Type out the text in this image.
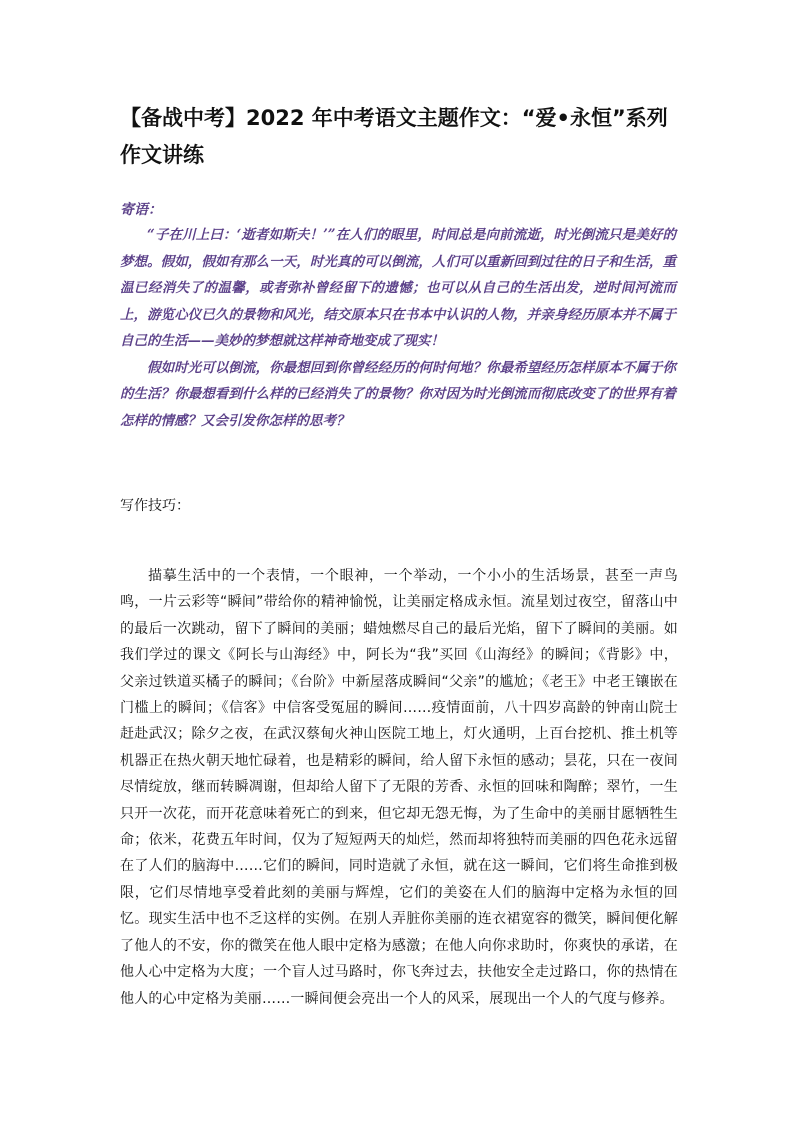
【备战中考】2022 年中考语文主题作文：“爱•永恒”系列作文讲练
寄语：

“子在川上曰：‘逝者如斯夫！’”在人们的眼里，时间总是向前流逝，时光倒流只是美好的梦想。假如，假如有那么一天，时光真的可以倒流，人们可以重新回到过往的日子和生活，重温已经消失了的温馨，或者弥补曾经留下的遗憾；也可以从自己的生活出发，逆时间河流而上，游览心仪已久的景物和风光，结交原本只在书本中认识的人物，并亲身经历原本并不属于自己的生活——美妙的梦想就这样神奇地变成了现实！

假如时光可以倒流，你最想回到你曾经经历的何时何地？你最希望经历怎样原本不属于你的生活？你最想看到什么样的已经消失了的景物？你对因为时光倒流而彻底改变了的世界有着怎样的情感？又会引发你怎样的思考？

写作技巧：

描摹生活中的一个表情，一个眼神，一个举动，一个小小的生活场景，甚至一声鸟鸣，一片云彩等“瞬间”带给你的精神愉悦，让美丽定格成永恒。流星划过夜空，留落山中的最后一次跳动，留下了瞬间的美丽；蜡烛燃尽自己的最后光焰，留下了瞬间的美丽。如我们学过的课文《阿长与山海经》中，阿长为“我”买回《山海经》的瞬间；《背影》中，父亲过铁道买橘子的瞬间；《台阶》中新屋落成瞬间“父亲”的尴尬；《老王》中老王镶嵌在门槛上的瞬间；《信客》中信客受冤屈的瞬间……疫情面前，八十四岁高龄的钟南山院士赶赴武汉；除夕之夜，在武汉蔡甸火神山医院工地上，灯火通明，上百台挖机、推土机等机器正在热火朝天地忙碌着，也是精彩的瞬间，给人留下永恒的感动；昙花，只在一夜间尽情绽放，继而转瞬凋谢，但却给人留下了无限的芳香、永恒的回味和陶醉；翠竹，一生只开一次花，而开花意味着死亡的到来，但它却无怨无悔，为了生命中的美丽甘愿牺牲生命；依米，花费五年时间，仅为了短短两天的灿烂，然而却将独特而美丽的四色花永远留在了人们的脑海中……它们的瞬间，同时造就了永恒，就在这一瞬间，它们将生命推到极限，它们尽情地享受着此刻的美丽与辉煌，它们的美姿在人们的脑海中定格为永恒的回忆。现实生活中也不乏这样的实例。在别人弄脏你美丽的连衣裙宽容的微笑，瞬间便化解了他人的不安，你的微笑在他人眼中定格为感激；在他人向你求助时，你爽快的承诺，在他人心中定格为大度；一个盲人过马路时，你飞奔过去，扶他安全走过路口，你的热情在他人的心中定格为美丽……一瞬间便会亮出一个人的风采，展现出一个人的气度与修养。
